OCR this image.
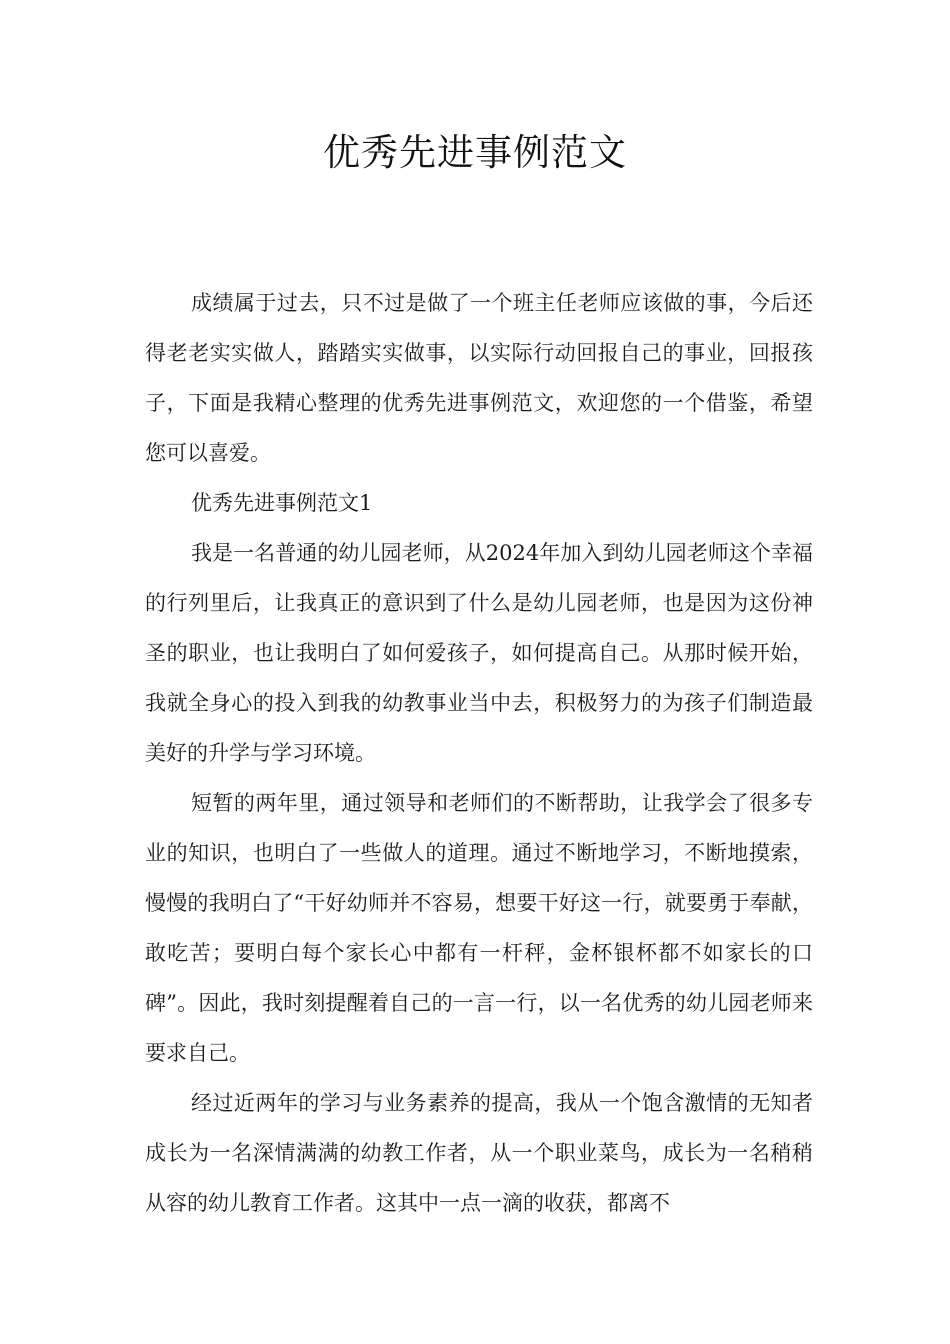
优秀先进事例范文

成绩属于过去，只不过是做了一个班主任老师应该做的事，今后还得老老实实做人，踏踏实实做事，以实际行动回报自己的事业，回报孩子，下面是我精心整理的优秀先进事例范文，欢迎您的一个借鉴，希望您可以喜爱。

优秀先进事例范文1

我是一名普通的幼儿园老师，从2024年加入到幼儿园老师这个幸福的行列里后，让我真正的意识到了什么是幼儿园老师，也是因为这份神圣的职业，也让我明白了如何爱孩子，如何提高自己。从那时候开始，我就全身心的投入到我的幼教事业当中去，积极努力的为孩子们制造最美好的升学与学习环境。

短暂的两年里，通过领导和老师们的不断帮助，让我学会了很多专业的知识，也明白了一些做人的道理。通过不断地学习，不断地摸索，慢慢的我明白了“干好幼师并不容易，想要干好这一行，就要勇于奉献，敢吃苦；要明白每个家长心中都有一杆秤，金杯银杯都不如家长的口碑”。因此，我时刻提醒着自己的一言一行，以一名优秀的幼儿园老师来要求自己。

经过近两年的学习与业务素养的提高，我从一个饱含激情的无知者成长为一名深情满满的幼教工作者，从一个职业菜鸟，成长为一名稍稍从容的幼儿教育工作者。这其中一点一滴的收获，都离不
